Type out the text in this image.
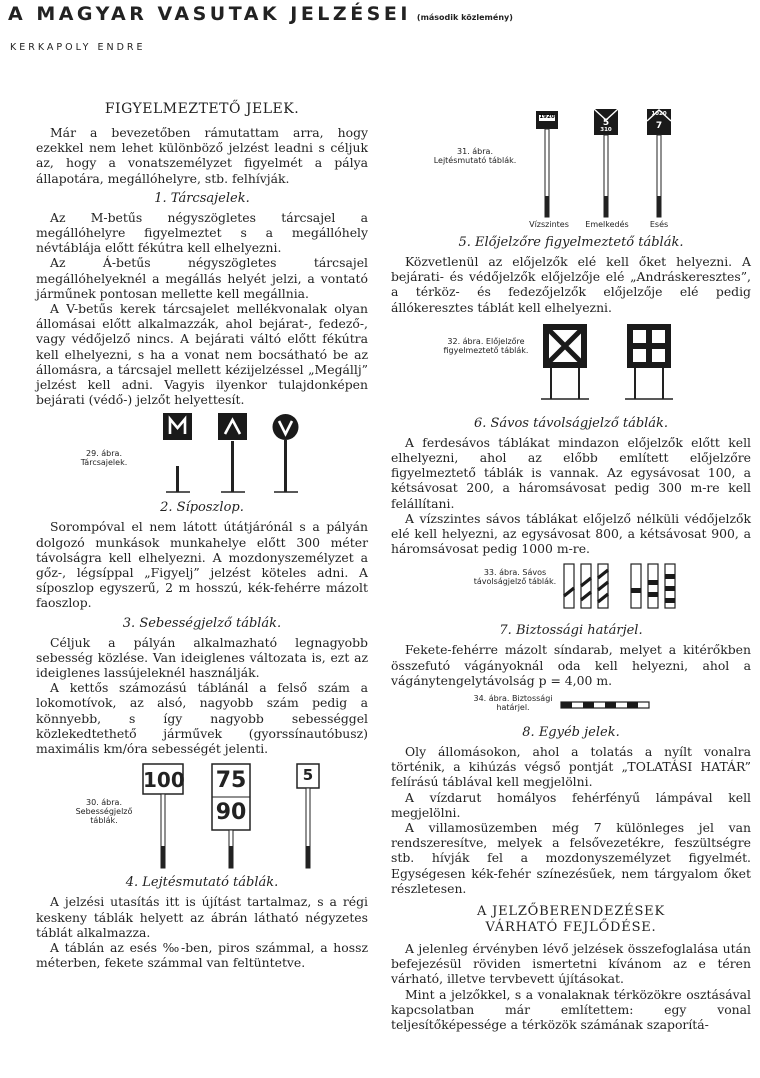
A MAGYAR VASUTAK JELZÉSEI (második közlemény)
KERKAPOLY ENDRE
FIGYELMEZTETŐ JELEK.

Már a bevezetőben rámutattam arra, hogy ezekkel nem lehet különböző jelzést leadni s céljuk az, hogy a vonatszemélyzet figyelmét a pálya állapotára, megállóhelyre, stb. felhívják.

1. Tárcsajelek.

Az M-betűs négyszögletes tárcsajel a megállóhelyre figyelmeztet s a megállóhely névtáblája előtt fékútra kell elhelyezni.

Az Á-betűs négyszögletes tárcsajel megállóhelyeknél a megállás helyét jelzi, a vontató járműnek pontosan mellette kell megállnia.

A V-betűs kerek tárcsajelet mellékvonalak olyan állomásai előtt alkalmazzák, ahol bejárat-, fedező-, vagy védőjelző nincs. A bejárati váltó előtt fékútra kell elhelyezni, s ha a vonat nem bocsátható be az állomásra, a tárcsajel mellett kézijelzéssel „Megállj” jelzést kell adni. Vagyis ilyenkor tulajdonképen bejárati (védő-) jelzőt helyettesít.

29. ábra. Tárcsajelek.
2. Síposzlop.

Sorompóval el nem látott útátjárónál s a pályán dolgozó munkások munkahelye előtt 300 méter távolságra kell elhelyezni. A mozdonyszemélyzet a gőz-, légsíppal „Figyelj” jelzést köteles adni. A síposzlop egyszerű, 2 m hosszú, kék-fehérre mázolt faoszlop.

3. Sebességjelző táblák.

Céljuk a pályán alkalmazható legnagyobb sebesség közlése. Van ideiglenes változata is, ezt az ideiglenes lassújeleknél használják.

A kettős számozású táblánál a felső szám a lokomotívok, az alsó, nagyobb szám pedig a könnyebb, s így nagyobb sebességgel közlekedtethető járművek (gyorssínautóbusz) maximális km/óra sebességét jelenti.

30. ábra. Sebességjelző táblák.
100 75
90
5
4. Lejtésmutató táblák.

A jelzési utasítás itt is újítást tartalmaz, s a régi keskeny táblák helyett az ábrán látható négyzetes táblát alkalmazza.

A táblán az esés ‰-ben, piros számmal, a hossz méterben, fekete számmal van feltüntetve.

31. ábra. Lejtésmutató táblák.
1920
5
310
1020
7
Vízszintes	Emelkedés	Esés
5. Előjelzőre figyelmeztető táblák.

Közvetlenül az előjelzők elé kell őket helyezni. A bejárati- és védőjelzők előjelzője elé „Andráskeresztes”, a térköz- és fedezőjelzők előjelzője elé pedig állókeresztes táblát kell elhelyezni.

32. ábra. Előjelzőre figyelmeztető táblák.
6. Sávos távolságjelző táblák.

A ferdesávos táblákat mindazon előjelzők előtt kell elhelyezni, ahol az előbb említett előjelzőre figyelmeztető táblák is vannak. Az egysávosat 100, a kétsávosat 200, a háromsávosat pedig 300 m-re kell felállítani.

A vízszintes sávos táblákat előjelző nélküli védőjelzők elé kell helyezni, az egysávosat 800, a kétsávosat 900, a háromsávosat pedig 1000 m-re.

33. ábra. Sávos távolságjelző táblák.
7. Biztossági határjel.

Fekete-fehérre mázolt síndarab, melyet a kitérőkben összefutó vágányoknál oda kell helyezni, ahol a vágánytengelytávolság p = 4,00 m.

34. ábra. Biztossági határjel.
8. Egyéb jelek.

Oly állomásokon, ahol a tolatás a nyílt vonalra történik, a kihúzás végső pontját „TOLATÁSI HATÁR” felírású táblával kell megjelölni.

A vízdarut homályos fehérfényű lámpával kell megjelölni.

A villamosüzemben még 7 különleges jel van rendszeresítve, melyek a felsővezetékre, feszültségre stb. hívják fel a mozdonyszemélyzet figyelmét. Egységesen kék-fehér színezésűek, nem tárgyalom őket részletesen.

A JELZŐBERENDEZÉSEK
VÁRHATÓ FEJLŐDÉSE.

A jelenleg érvényben lévő jelzések összefoglalása után befejezésül röviden ismertetni kívánom az e téren várható, illetve tervbevett újításokat.

Mint a jelzőkkel, s a vonalaknak térközökre osztásával kapcsolatban már említettem: egy vonal teljesítőképessége a térközök számának szaporítá-
